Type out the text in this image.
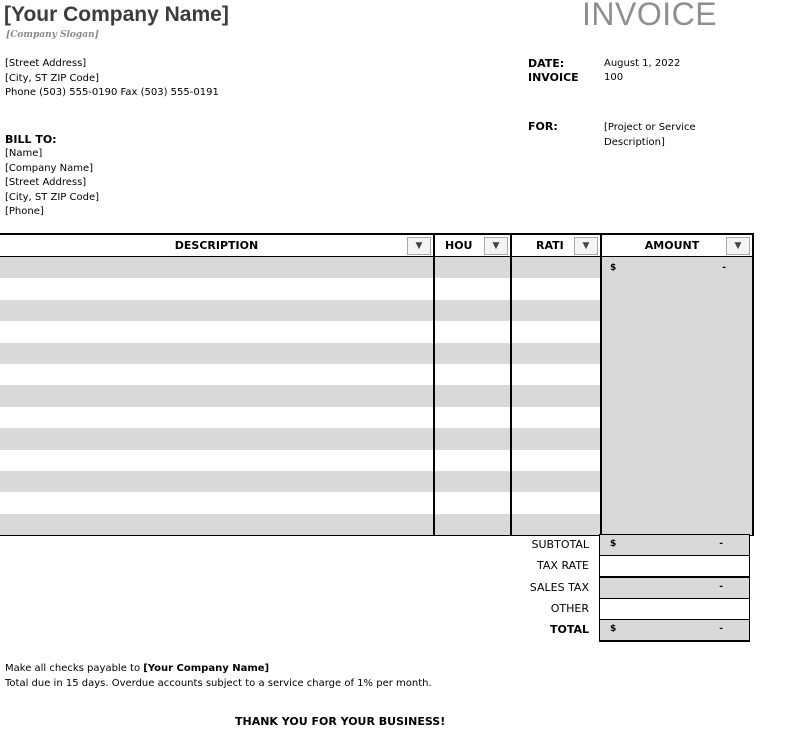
[Your Company Name]
[Company Slogan]
INVOICE
[Street Address]
[City, ST ZIP Code]
Phone (503) 555-0190 Fax (503) 555-0191
DATE:	August 1, 2022
INVOICE	100
FOR:	[Project or Service
Description]
BILL TO:
[Name]
[Company Name]
[Street Address]
[City, ST ZIP Code]
[Phone]
DESCRIPTION ▼	HOU ▼	RATI ▼	AMOUNT ▼

			$ -

SUBTOTAL $	-
TAX RATE
SALES TAX	-
OTHER
TOTAL $	-
Make all checks payable to [Your Company Name]
Total due in 15 days. Overdue accounts subject to a service charge of 1% per month.
THANK YOU FOR YOUR BUSINESS!
